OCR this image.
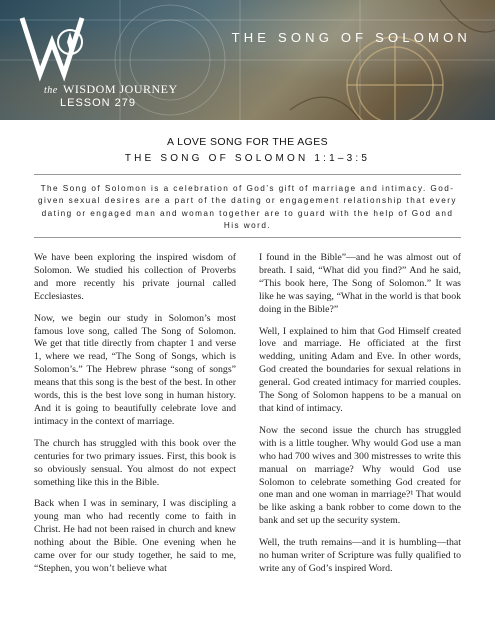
the WISDOM JOURNEY
LESSON 279
THE SONG OF SOLOMON
A LOVE SONG FOR THE AGES
THE SONG OF SOLOMON 1:1–3:5
The Song of Solomon is a celebration of God’s gift of marriage and intimacy. God-given sexual desires are a part of the dating or engagement relationship that every dating or engaged man and woman together are to guard with the help of God and His word.

We have been exploring the inspired wisdom of Solomon. We studied his collection of Proverbs and more recently his private journal called Ecclesiastes.

Now, we begin our study in Solomon’s most famous love song, called The Song of Solomon. We get that title directly from chapter 1 and verse 1, where we read, “The Song of Songs, which is Solomon’s.” The Hebrew phrase “song of songs” means that this song is the best of the best. In other words, this is the best love song in human history. And it is going to beautifully celebrate love and intimacy in the context of marriage.

The church has struggled with this book over the centuries for two primary issues. First, this book is so obviously sensual. You almost do not expect something like this in the Bible.

Back when I was in seminary, I was discipling a young man who had recently come to faith in Christ. He had not been raised in church and knew nothing about the Bible. One evening when he came over for our study together, he said to me, “Stephen, you won’t believe what

I found in the Bible”—and he was almost out of breath. I said, “What did you find?” And he said, “This book here, The Song of Solomon.” It was like he was saying, “What in the world is that book doing in the Bible?”

Well, I explained to him that God Himself created love and marriage. He officiated at the first wedding, uniting Adam and Eve. In other words, God created the boundaries for sexual relations in general. God created intimacy for married couples. The Song of Solomon happens to be a manual on that kind of intimacy.

Now the second issue the church has struggled with is a little tougher. Why would God use a man who had 700 wives and 300 mistresses to write this manual on marriage? Why would God use Solomon to celebrate something God created for one man and one woman in marriage?¹ That would be like asking a bank robber to come down to the bank and set up the security system.

Well, the truth remains—and it is humbling—that no human writer of Scripture was fully qualified to write any of God’s inspired Word.
